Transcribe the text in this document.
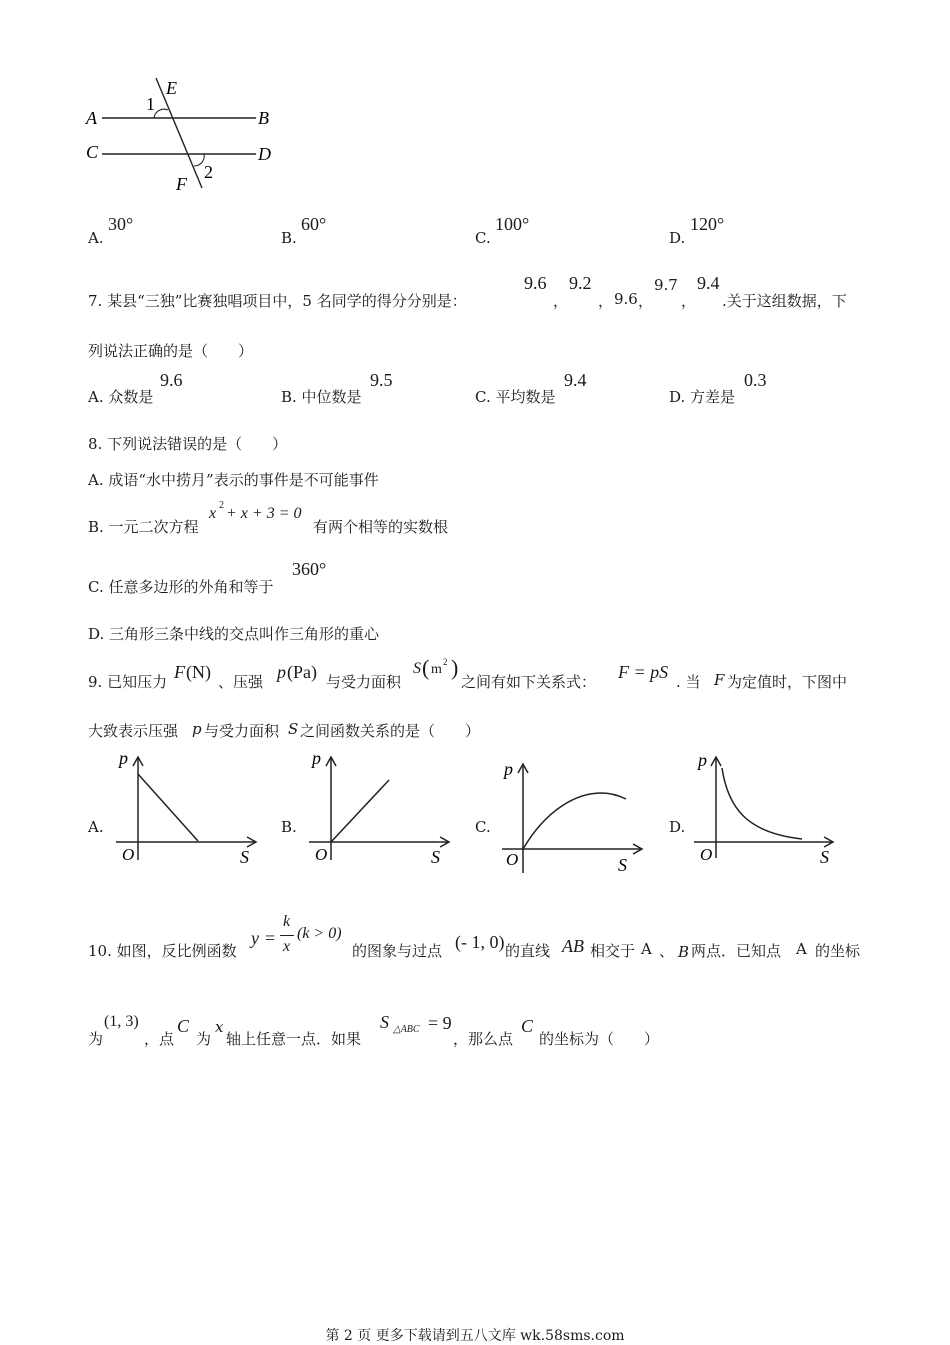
A	B
C	D
E
F
1
2
A.
30°
B.
60°
C.
100°
D.
120°
7. 某县“三独”比赛独唱项目中，5 名同学的得分分别是：
9.6
，
9.2
， 9.6 ，
9.7
，
9.4
.关于这组数据，下
列说法正确的是（　　）
A. 众数是
9.6
B. 中位数是
9.5
C. 平均数是
9.4
D. 方差是
0.3
8. 下列说法错误的是（　　）
A. 成语“水中捞月”表示的事件是不可能事件
B. 一元二次方程
x 2 + x + 3 = 0
有两个相等的实数根
C. 任意多边形的外角和等于
360°
D. 三角形三条中线的交点叫作三角形的重心
9. 已知压力 F (N) 、压强 p (Pa) 与受力面积
S ( m 2 )
之间有如下关系式： F = pS . 当 F 为定值时，下图中
大致表示压强 p 与受力面积 S 之间函数关系的是（　　）
A.
p
S
O
B.
p
S
O
C.
p
S
O
D.
p
S
O
10. 如图，反比例函数
y =
k
x
(k > 0)
的图象与过点 (- 1, 0) 的直线 AB 相交于 A 、 B 两点．已知点 A 的坐标
为
(1, 3)
，点
C
为
x
轴上任意一点．如果
S △ABC = 9
，那么点
C
的坐标为（　　）
第 2 页 更多下载请到五八文库 wk.58sms.com
